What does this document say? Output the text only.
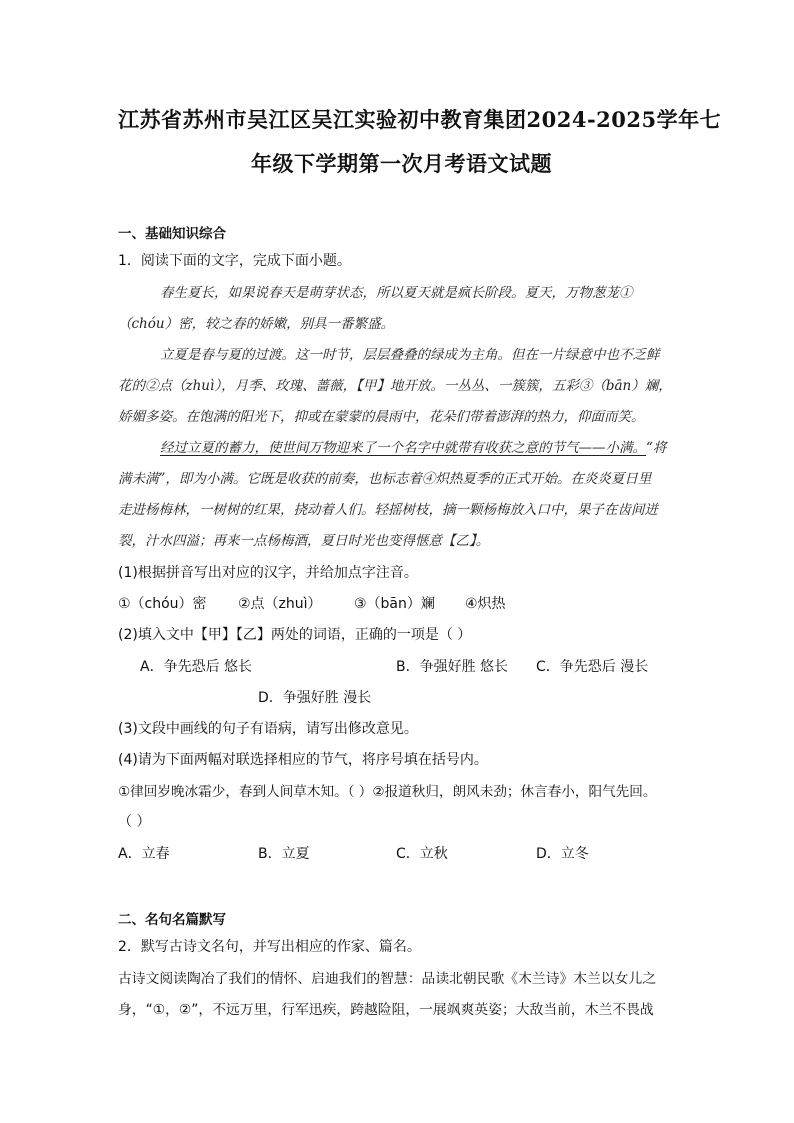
江苏省苏州市吴江区吴江实验初中教育集团2024-2025学年七
年级下学期第一次月考语文试题
一、基础知识综合
1．阅读下面的文字，完成下面小题。
春生夏长，如果说春天是萌芽状态，所以夏天就是疯长阶段。夏天，万物葱茏①
（chóu）密，较之春的娇嫩，别具一番繁盛。
立夏是春与夏的过渡。这一时节，层层叠叠的绿成为主角。但在一片绿意中也不乏鲜
花的②点（zhuì），月季、玫瑰、蔷薇，【甲】地开放。一丛丛、一簇簇，五彩③（bān）斓，
娇媚多姿。在饱满的阳光下，抑或在蒙蒙的晨雨中，花朵们带着澎湃的热力，仰面而笑。
经过立夏的蓄力，使世间万物迎来了一个名字中就带有收获之意的节气——小满。“将
满未满”，即为小满。它既是收获的前奏，也标志着④炽热夏季的正式开始。在炎炎夏日里
走进杨梅林，一树树的红果，挠动着人们。轻摇树枝，摘一颗杨梅放入口中，果子在齿间迸
裂，汁水四溢；再来一点杨梅酒，夏日时光也变得惬意【乙】。
(1)根据拼音写出对应的汉字，并给加点字注音。
①（chóu）密 ②点（zhuì） ③（bān）斓 ④炽热
(2)填入文中【甲】【乙】两处的词语，正确的一项是（ ）
A．争先恐后 悠长	B．争强好胜 悠长 C．争先恐后 漫长
D．争强好胜 漫长
(3)文段中画线的句子有语病，请写出修改意见。
(4)请为下面两幅对联选择相应的节气，将序号填在括号内。
①律回岁晚冰霜少，春到人间草木知。（ ）②报道秋归，朗风未劲；休言春小，阳气先回。
（ ）
A．立春	B．立夏	C．立秋	D．立冬
二、名句名篇默写
2．默写古诗文名句，并写出相应的作家、篇名。
古诗文阅读陶冶了我们的情怀、启迪我们的智慧：品读北朝民歌《木兰诗》木兰以女儿之
身，“①，②”，不远万里，行军迅疾，跨越险阻，一展飒爽英姿；大敌当前，木兰不畏战
